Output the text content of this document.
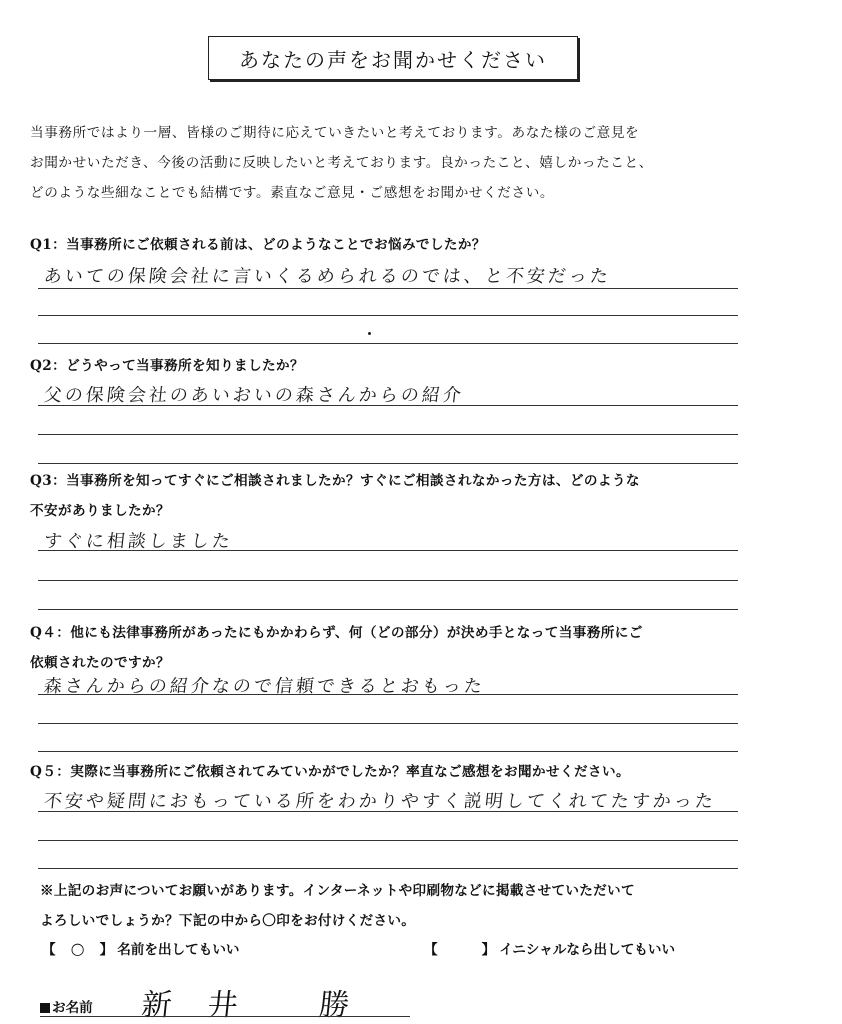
あなたの声をお聞かせください

当事務所ではより一層、皆様のご期待に応えていきたいと考えております。あなた様のご意見を

お聞かせいただき、今後の活動に反映したいと考えております。良かったこと、嬉しかったこと、

どのような些細なことでも結構です。素直なご意見・ご感想をお聞かせください。

Q1：当事務所にご依頼される前は、どのようなことでお悩みでしたか？

あいての保険会社に言いくるめられるのでは、と不安だった

Q2：どうやって当事務所を知りましたか？

父の保険会社のあいおいの森さんからの紹介

Q3：当事務所を知ってすぐにご相談されましたか？すぐにご相談されなかった方は、どのような

不安がありましたか？

すぐに相談しました

Q４：他にも法律事務所があったにもかかわらず、何（どの部分）が決め手となって当事務所にご

依頼されたのですか？

森さんからの紹介なので信頼できるとおもった

Q５：実際に当事務所にご依頼されてみていかがでしたか？率直なご感想をお聞かせください。

不安や疑問におもっている所をわかりやすく説明してくれてたすかった

※上記のお声についてお願いがあります。インターネットや印刷物などに掲載させていただいて

よろしいでしょうか？下記の中から〇印をお付けください。

【 ○	】 名前を出してもいい	【	】 イニシャルなら出してもいい
お名前 新井 勝
